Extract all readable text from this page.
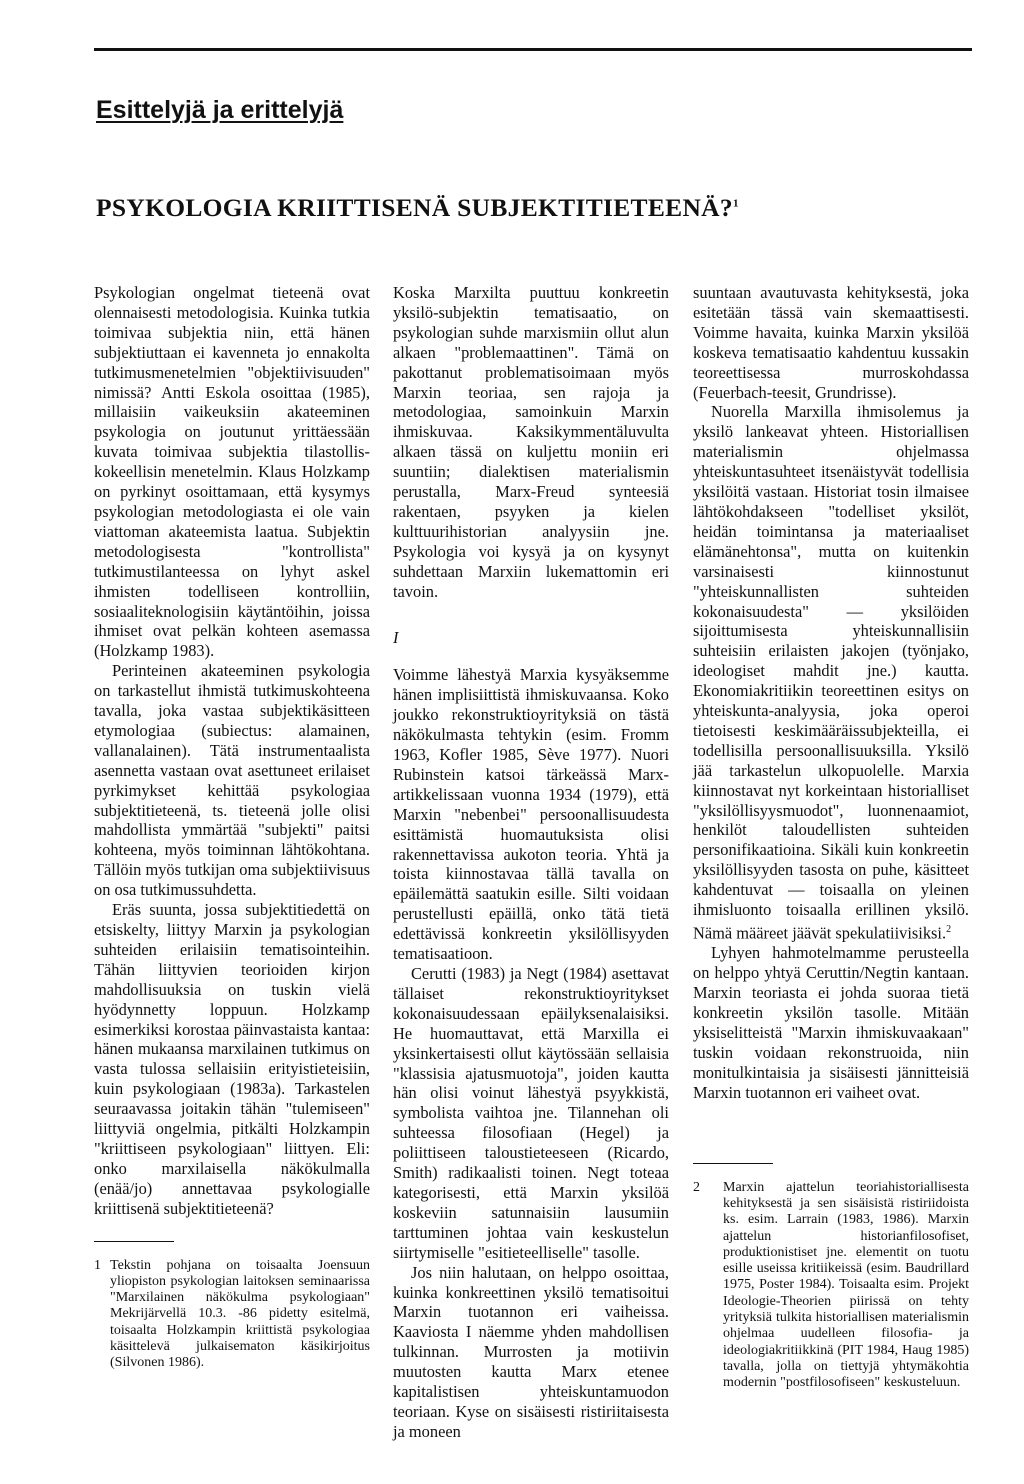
Esittelyjä ja erittelyjä
PSYKOLOGIA KRIITTISENÄ SUBJEKTITIETEENÄ?$^1$

Psykologian ongelmat tieteenä ovat olennaisesti metodologisia. Kuinka tutkia toimivaa subjektia niin, että hänen subjektiuttaan ei kavenneta jo ennakolta tutkimusmenetelmien "objektiivisuuden" nimissä? Antti Eskola osoittaa (1985), millaisiin vaikeuksiin akateeminen psykologia on joutunut yrittäessään kuvata toimivaa subjektia tilastollis-kokeellisin menetelmin. Klaus Holzkamp on pyrkinyt osoittamaan, että kysymys psykologian metodologiasta ei ole vain viattoman akateemista laatua. Subjektin metodologisesta "kontrollista" tutkimustilanteessa on lyhyt askel ihmisten todelliseen kontrolliin, sosiaaliteknologisiin käytäntöihin, joissa ihmiset ovat pelkän kohteen asemassa (Holzkamp 1983).

Perinteinen akateeminen psykologia on tarkastellut ihmistä tutkimuskohteena tavalla, joka vastaa subjektikäsitteen etymologiaa (subiectus: alamainen, vallanalainen). Tätä instrumentaalista asennetta vastaan ovat asettuneet erilaiset pyrkimykset kehittää psykologiaa subjektitieteenä, ts. tieteenä jolle olisi mahdollista ymmärtää "subjekti" paitsi kohteena, myös toiminnan lähtökohtana. Tällöin myös tutkijan oma subjektiivisuus on osa tutkimussuhdetta.

Eräs suunta, jossa subjektitiedettä on etsiskelty, liittyy Marxin ja psykologian suhteiden erilaisiin tematisointeihin. Tähän liittyvien teorioiden kirjon mahdollisuuksia on tuskin vielä hyödynnetty loppuun. Holzkamp esimerkiksi korostaa päinvastaista kantaa: hänen mukaansa marxilainen tutkimus on vasta tulossa sellaisiin erityistieteisiin, kuin psykologiaan (1983a). Tarkastelen seuraavassa joitakin tähän "tulemiseen" liittyviä ongelmia, pitkälti Holzkampin "kriittiseen psykologiaan" liittyen. Eli: onko marxilaisella näkökulmalla (enää/jo) annettavaa psykologialle kriittisenä subjektitieteenä?

1 Tekstin pohjana on toisaalta Joensuun yliopiston psykologian laitoksen seminaarissa "Marxilainen näkökulma psykologiaan" Mekrijärvellä 10.3. -86 pidetty esitelmä, toisaalta Holzkampin kriittistä psykologiaa käsittelevä julkaisematon käsikirjoitus (Silvonen 1986).

Koska Marxilta puuttuu konkreetin yksilö-subjektin tematisaatio, on psykologian suhde marxismiin ollut alun alkaen "problemaattinen". Tämä on pakottanut problematisoimaan myös Marxin teoriaa, sen rajoja ja metodologiaa, samoinkuin Marxin ihmiskuvaa. Kaksikymmentäluvulta alkaen tässä on kuljettu moniin eri suuntiin; dialektisen materialismin perustalla, Marx-Freud synteesiä rakentaen, psyyken ja kielen kulttuurihistorian analyysiin jne. Psykologia voi kysyä ja on kysynyt suhdettaan Marxiin lukemattomin eri tavoin.

I

Voimme lähestyä Marxia kysyäksemme hänen implisiittistä ihmiskuvaansa. Koko joukko rekonstruktioyrityksiä on tästä näkökulmasta tehtykin (esim. Fromm 1963, Kofler 1985, Sève 1977). Nuori Rubinstein katsoi tärkeässä Marx-artikkelissaan vuonna 1934 (1979), että Marxin "nebenbei" persoonallisuudesta esittämistä huomautuksista olisi rakennettavissa aukoton teoria. Yhtä ja toista kiinnostavaa tällä tavalla on epäilemättä saatukin esille. Silti voidaan perustellusti epäillä, onko tätä tietä edettävissä konkreetin yksilöllisyyden tematisaatioon.

Cerutti (1983) ja Negt (1984) asettavat tällaiset rekonstruktioyritykset kokonaisuudessaan epäilyksenalaisiksi. He huomauttavat, että Marxilla ei yksinkertaisesti ollut käytössään sellaisia "klassisia ajatusmuotoja", joiden kautta hän olisi voinut lähestyä psyykkistä, symbolista vaihtoa jne. Tilannehan oli suhteessa filosofiaan (Hegel) ja poliittiseen taloustieteeseen (Ricardo, Smith) radikaalisti toinen. Negt toteaa kategorisesti, että Marxin yksilöä koskeviin satunnaisiin lausumiin tarttuminen johtaa vain keskustelun siirtymiselle "esitieteelliselle" tasolle.

Jos niin halutaan, on helppo osoittaa, kuinka konkreettinen yksilö tematisoitui Marxin tuotannon eri vaiheissa. Kaaviosta I näemme yhden mahdollisen tulkinnan. Murrosten ja motiivin muutosten kautta Marx etenee kapitalistisen yhteiskuntamuodon teoriaan. Kyse on sisäisesti ristiriitaisesta ja moneen

suuntaan avautuvasta kehityksestä, joka esitetään tässä vain skemaattisesti. Voimme havaita, kuinka Marxin yksilöä koskeva tematisaatio kahdentuu kussakin teoreettisessa murroskohdassa (Feuerbach-teesit, Grundrisse).

Nuorella Marxilla ihmisolemus ja yksilö lankeavat yhteen. Historiallisen materialismin ohjelmassa yhteiskuntasuhteet itsenäistyvät todellisia yksilöitä vastaan. Historiat tosin ilmaisee lähtökohdakseen "todelliset yksilöt, heidän toimintansa ja materiaaliset elämänehtonsa", mutta on kuitenkin varsinaisesti kiinnostunut "yhteiskunnallisten suhteiden kokonaisuudesta" — yksilöiden sijoittumisesta yhteiskunnallisiin suhteisiin erilaisten jakojen (työnjako, ideologiset mahdit jne.) kautta. Ekonomiakritiikin teoreettinen esitys on yhteiskunta-analyysia, joka operoi tietoisesti keskimääräissubjekteilla, ei todellisilla persoonallisuuksilla. Yksilö jää tarkastelun ulkopuolelle. Marxia kiinnostavat nyt korkeintaan historialliset "yksilöllisyysmuodot", luonnenaamiot, henkilöt taloudellisten suhteiden personifikaatioina. Sikäli kuin konkreetin yksilöllisyyden tasosta on puhe, käsitteet kahdentuvat — toisaalla on yleinen ihmisluonto toisaalla erillinen yksilö. Nämä määreet jäävät spekulatiivisiksi.$^2$

Lyhyen hahmotelmamme perusteella on helppo yhtyä Ceruttin/Negtin kantaan. Marxin teoriasta ei johda suoraa tietä konkreetin yksilön tasolle. Mitään yksiselitteistä "Marxin ihmiskuvaakaan" tuskin voidaan rekonstruoida, niin monitulkintaisia ja sisäisesti jännitteisiä Marxin tuotannon eri vaiheet ovat.

2 Marxin ajattelun teoriahistoriallisesta kehityksestä ja sen sisäisistä ristiriidoista ks. esim. Larrain (1983, 1986). Marxin ajattelun historianfilosofiset, produktionistiset jne. elementit on tuotu esille useissa kritiikeissä (esim. Baudrillard 1975, Poster 1984). Toisaalta esim. Projekt Ideologie-Theorien piirissä on tehty yrityksiä tulkita historiallisen materialismin ohjelmaa uudelleen filosofia- ja ideologiakritiikkinä (PIT 1984, Haug 1985) tavalla, jolla on tiettyjä yhtymäkohtia modernin "postfilosofiseen" keskusteluun.
